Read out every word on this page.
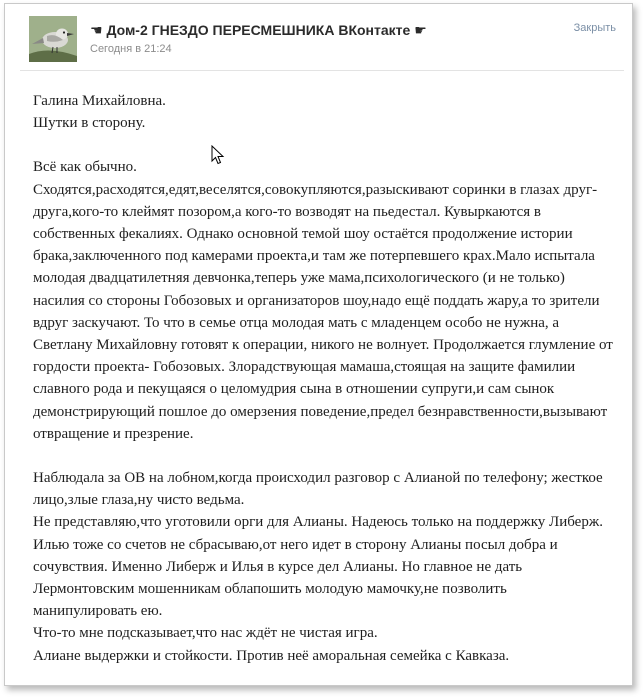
☚ Дом-2 ГНЕЗДО ПЕРЕСМЕШНИКА ВКонтакте ☛
Сегодня в 21:24
Закрыть

Галина Михайловна.

Шутки в сторону.

Всё как обычно.

Сходятся,расходятся,едят,веселятся,совокупляются,разыскивают соринки в глазах друг-друга,кого-то клеймят позором,а кого-то возводят на пьедестал. Кувыркаются в собственных фекалиях. Однако основной темой шоу остаётся продолжение истории брака,заключенного под камерами проекта,и там же потерпевшего крах.Мало испытала молодая двадцатилетняя девчонка,теперь уже мама,психологического (и не только) насилия со стороны Гобозовых и организаторов шоу,надо ещё поддать жару,а то зрители вдруг заскучают. То что в семье отца молодая мать с младенцем особо не нужна, а Светлану Михайловну готовят к операции, никого не волнует. Продолжается глумление от гордости проекта- Гобозовых. Злорадствующая мамаша,стоящая на защите фамилии славного рода и пекущаяся о целомудрия сына в отношении супруги,и сам сынок демонстрирующий пошлое до омерзения поведение,предел безнравственности,вызывают отвращение и презрение.

Наблюдала за ОВ на лобном,когда происходил разговор с Алианой по телефону; жесткое лицо,злые глаза,ну чисто ведьма.

Не представляю,что уготовили орги для Алианы. Надеюсь только на поддержку Либерж. Илью тоже со счетов не сбрасываю,от него идет в сторону Алианы посыл добра и сочувствия. Именно Либерж и Илья в курсе дел Алианы. Но главное не дать Лермонтовским мошенникам облапошить молодую мамочку,не позволить манипулировать ею.

Что-то мне подсказывает,что нас ждёт не чистая игра.

Алиане выдержки и стойкости. Против неё аморальная семейка с Кавказа.
